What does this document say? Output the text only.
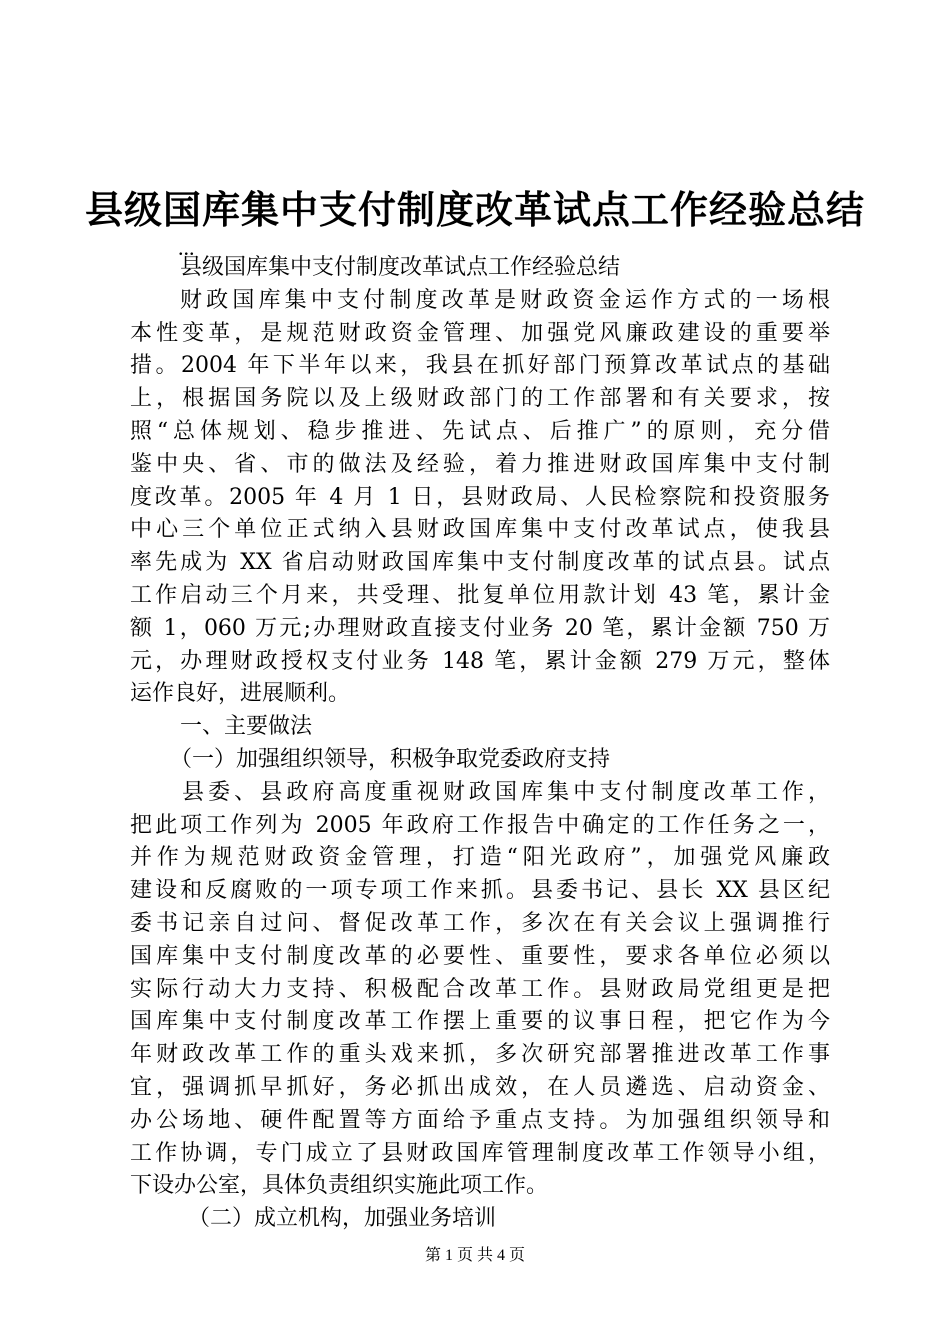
县级国库集中支付制度改革试点工作经验总结
...
县级国库集中支付制度改革试点工作经验总结
财政国库集中支付制度改革是财政资金运作方式的一场根
本性变革，是规范财政资金管理、加强党风廉政建设的重要举
措。2004 年下半年以来，我县在抓好部门预算改革试点的基础
上，根据国务院以及上级财政部门的工作部署和有关要求，按
照“总体规划、稳步推进、先试点、后推广”的原则，充分借
鉴中央、省、市的做法及经验，着力推进财政国库集中支付制
度改革。2005 年 4 月 1 日，县财政局、人民检察院和投资服务
中心三个单位正式纳入县财政国库集中支付改革试点，使我县
率先成为 XX 省启动财政国库集中支付制度改革的试点县。试点
工作启动三个月来，共受理、批复单位用款计划 43 笔，累计金
额 1，060 万元;办理财政直接支付业务 20 笔，累计金额 750 万
元，办理财政授权支付业务 148 笔，累计金额 279 万元，整体
运作良好，进展顺利。
一、主要做法
（一）加强组织领导，积极争取党委政府支持
县委、县政府高度重视财政国库集中支付制度改革工作，
把此项工作列为 2005 年政府工作报告中确定的工作任务之一，
并作为规范财政资金管理，打造“阳光政府”，加强党风廉政
建设和反腐败的一项专项工作来抓。县委书记、县长 XX 县区纪
委书记亲自过问、督促改革工作，多次在有关会议上强调推行
国库集中支付制度改革的必要性、重要性，要求各单位必须以
实际行动大力支持、积极配合改革工作。县财政局党组更是把
国库集中支付制度改革工作摆上重要的议事日程，把它作为今
年财政改革工作的重头戏来抓，多次研究部署推进改革工作事
宜，强调抓早抓好，务必抓出成效，在人员遴选、启动资金、
办公场地、硬件配置等方面给予重点支持。为加强组织领导和
工作协调，专门成立了县财政国库管理制度改革工作领导小组，
下设办公室，具体负责组织实施此项工作。
（二）成立机构，加强业务培训
第 1 页 共 4 页
